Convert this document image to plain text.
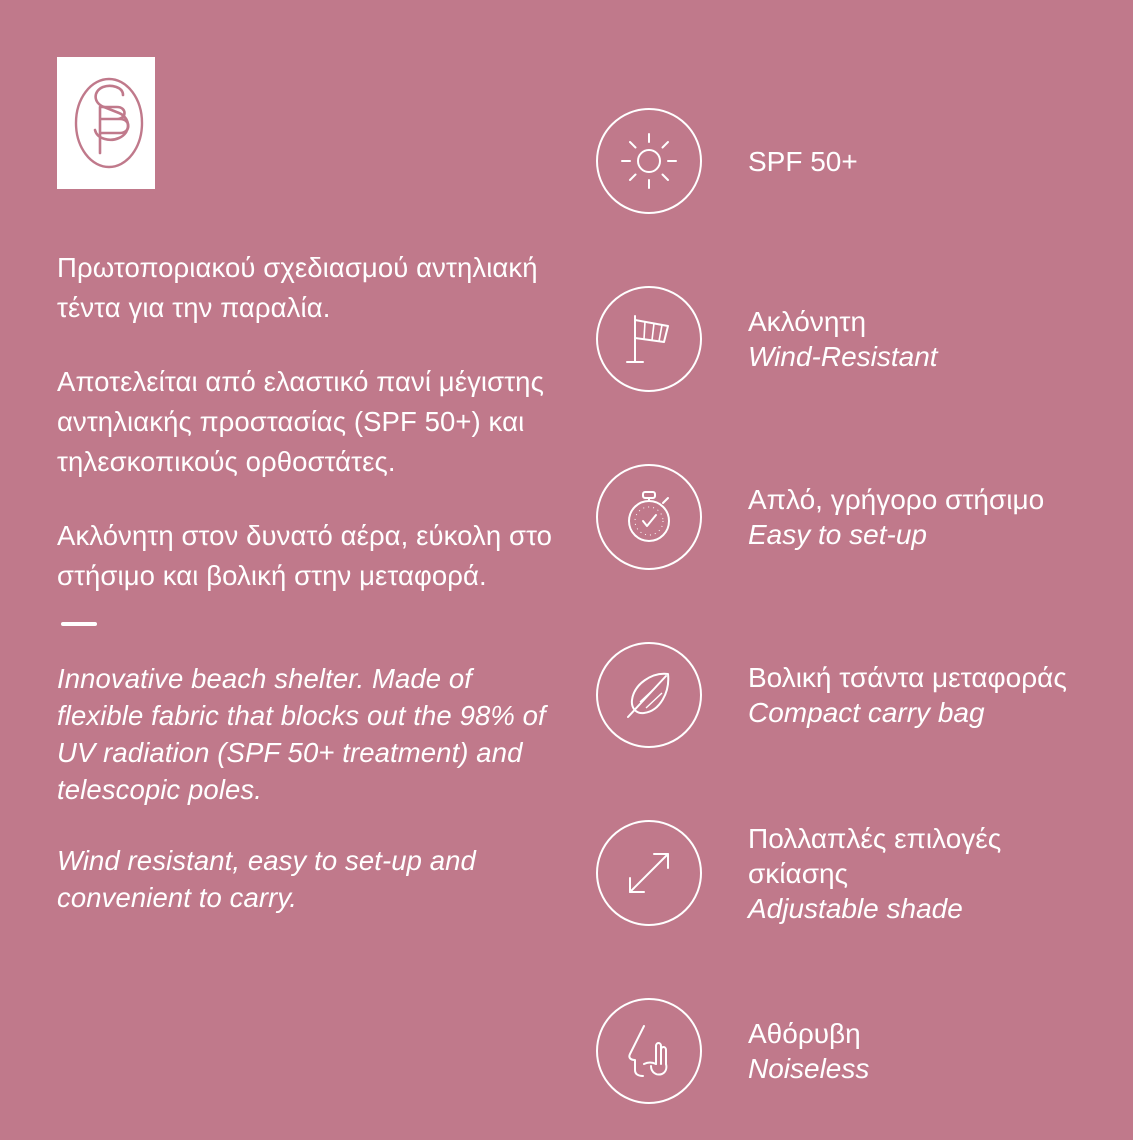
Πρωτοποριακού σχεδιασμού αντηλιακή τέντα για την παραλία.

Αποτελείται από ελαστικό πανί μέγιστης αντηλιακής προστασίας (SPF 50+) και τηλεσκοπικούς ορθοστάτες.

Ακλόνητη στον δυνατό αέρα, εύκολη στο στήσιμο και βολική στην μεταφορά.

Innovative beach shelter. Made of flexible fabric that blocks out the 98% of UV radiation (SPF 50+ treatment) and telescopic poles.

Wind resistant, easy to set-up and convenient to carry.

SPF 50+
Ακλόνητη
Wind-Resistant
Απλό, γρήγορο στήσιμο
Easy to set-up
Βολική τσάντα μεταφοράς
Compact carry bag
Πολλαπλές επιλογές σκίασης
Adjustable shade
Αθόρυβη
Noiseless
